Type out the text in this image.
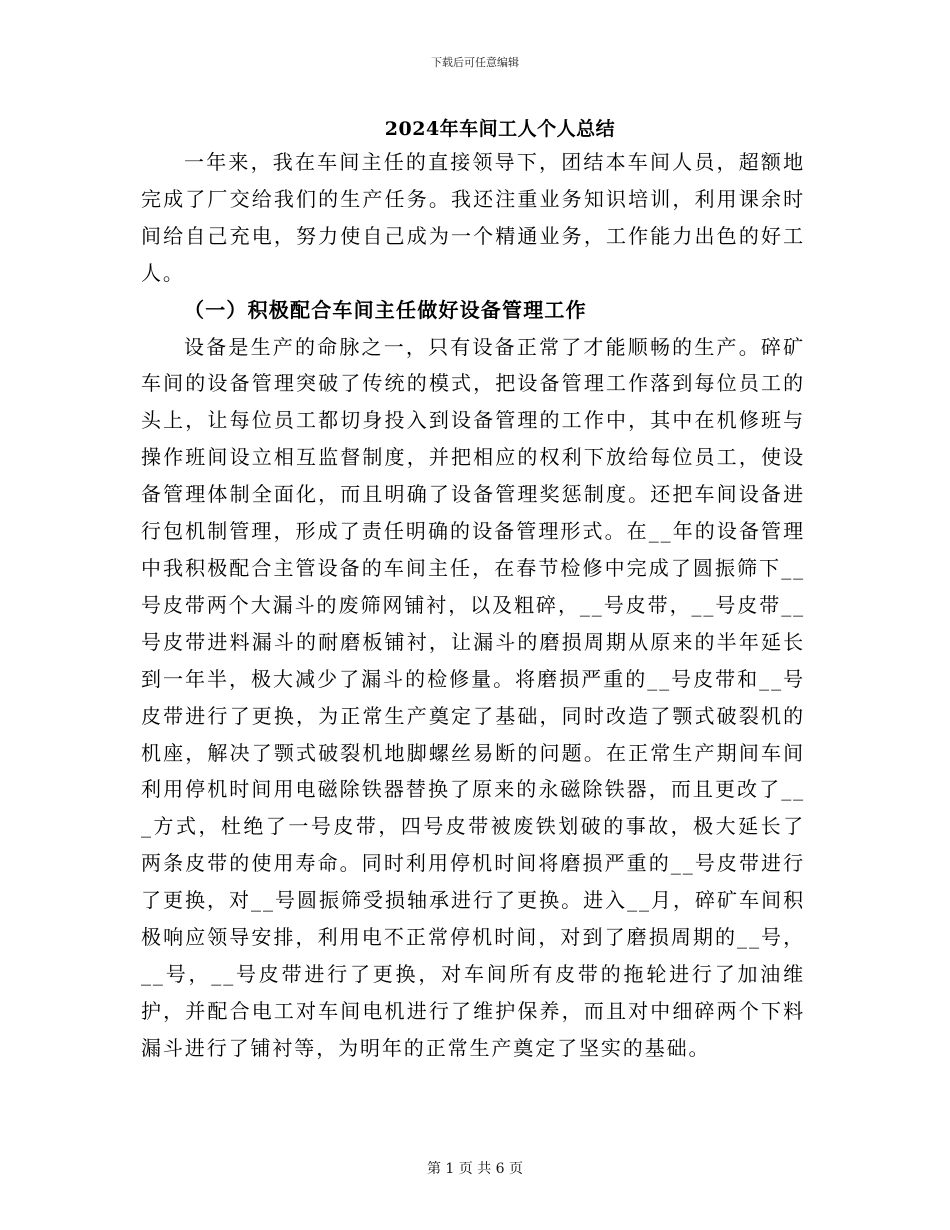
下载后可任意编辑
2024年车间工人个人总结

一年来，我在车间主任的直接领导下，团结本车间人员，超额地完成了厂交给我们的生产任务。我还注重业务知识培训，利用课余时间给自己充电，努力使自己成为一个精通业务，工作能力出色的好工人。

（一）积极配合车间主任做好设备管理工作

设备是生产的命脉之一，只有设备正常了才能顺畅的生产。碎矿车间的设备管理突破了传统的模式，把设备管理工作落到每位员工的头上，让每位员工都切身投入到设备管理的工作中，其中在机修班与操作班间设立相互监督制度，并把相应的权利下放给每位员工，使设备管理体制全面化，而且明确了设备管理奖惩制度。还把车间设备进行包机制管理，形成了责任明确的设备管理形式。在__年的设备管理中我积极配合主管设备的车间主任，在春节检修中完成了圆振筛下__号皮带两个大漏斗的废筛网铺衬，以及粗碎，__号皮带，__号皮带__号皮带进料漏斗的耐磨板铺衬，让漏斗的磨损周期从原来的半年延长到一年半，极大减少了漏斗的检修量。将磨损严重的__号皮带和__号皮带进行了更换，为正常生产奠定了基础，同时改造了颚式破裂机的机座，解决了颚式破裂机地脚螺丝易断的问题。在正常生产期间车间利用停机时间用电磁除铁器替换了原来的永磁除铁器，而且更改了___方式，杜绝了一号皮带，四号皮带被废铁划破的事故，极大延长了两条皮带的使用寿命。同时利用停机时间将磨损严重的__号皮带进行了更换，对__号圆振筛受损轴承进行了更换。进入__月，碎矿车间积极响应领导安排，利用电不正常停机时间，对到了磨损周期的__号，__号，__号皮带进行了更换，对车间所有皮带的拖轮进行了加油维护，并配合电工对车间电机进行了维护保养，而且对中细碎两个下料漏斗进行了铺衬等，为明年的正常生产奠定了坚实的基础。

第 1 页 共 6 页
